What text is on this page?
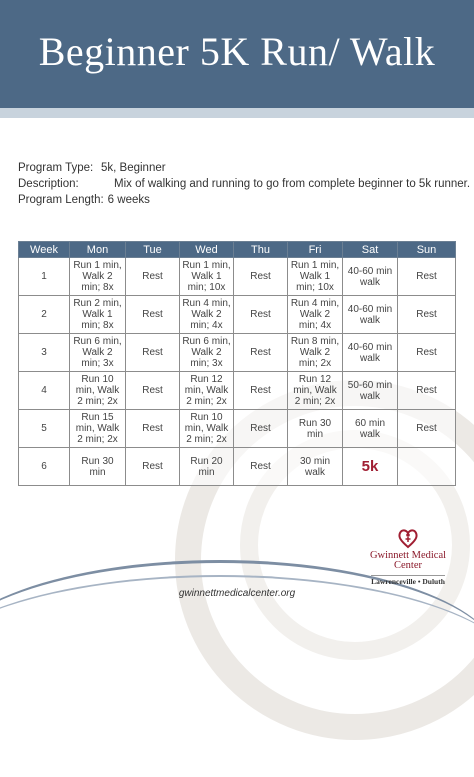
Beginner 5K Run/ Walk
Program Type: 5k, Beginner
Description:	Mix of walking and running to go from complete beginner to 5k runner.
Program Length: 6 weeks
Week	Mon	Tue	Wed	Thu	Fri	Sat	Sun
1	Run 1 min, Walk 2 min; 8x	Rest	Run 1 min, Walk 1 min; 10x	Rest	Run 1 min, Walk 1 min; 10x	40-60 min walk	Rest
2	Run 2 min, Walk 1 min; 8x	Rest	Run 4 min, Walk 2 min; 4x	Rest	Run 4 min, Walk 2 min; 4x	40-60 min walk	Rest
3	Run 6 min, Walk 2 min; 3x	Rest	Run 6 min, Walk 2 min; 3x	Rest	Run 8 min, Walk 2 min; 2x	40-60 min walk	Rest
4	Run 10 min, Walk 2 min; 2x	Rest	Run 12 min, Walk 2 min; 2x	Rest	Run 12 min, Walk 2 min; 2x	50-60 min walk	Rest
5	Run 15 min, Walk 2 min; 2x	Rest	Run 10 min, Walk 2 min; 2x	Rest	Run 30 min	60 min walk	Rest
6	Run 30 min	Rest	Run 20 min	Rest	30 min walk	5k	
Gwinnett Medical Center
Lawrenceville • Duluth
gwinnettmedicalcenter.org
